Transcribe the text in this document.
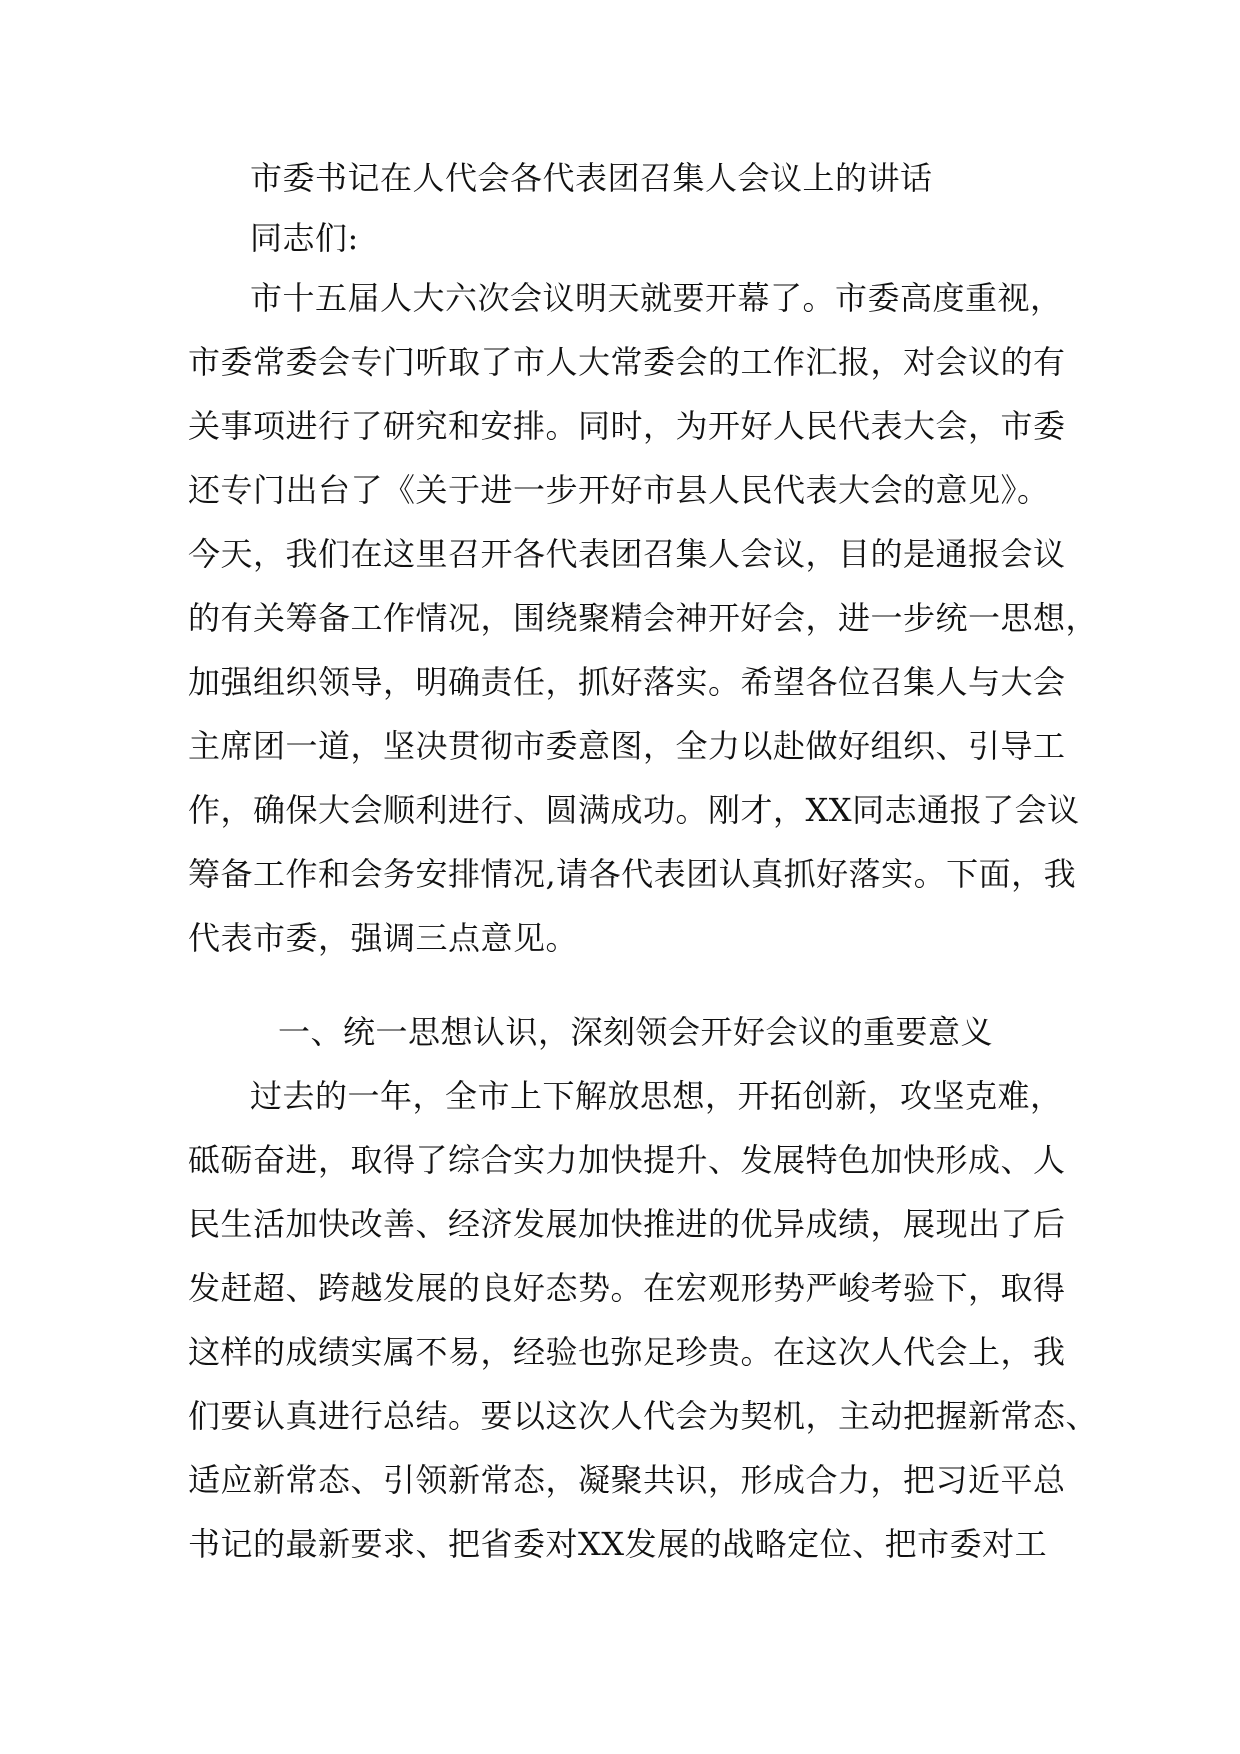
市委书记在人代会各代表团召集人会议上的讲话
同志们:
市十五届人大六次会议明天就要开幕了。市委高度重视，
市委常委会专门听取了市人大常委会的工作汇报，对会议的有
关事项进行了研究和安排。同时，为开好人民代表大会，市委
还专门出台了《关于进一步开好市县人民代表大会的意见》。
今天，我们在这里召开各代表团召集人会议，目的是通报会议
的有关筹备工作情况，围绕聚精会神开好会，进一步统一思想，
加强组织领导，明确责任，抓好落实。希望各位召集人与大会
主席团一道，坚决贯彻市委意图，全力以赴做好组织、引导工
作，确保大会顺利进行、圆满成功。刚才，XX同志通报了会议
筹备工作和会务安排情况,请各代表团认真抓好落实。下面，我
代表市委，强调三点意见。
一、统一思想认识，深刻领会开好会议的重要意义
过去的一年，全市上下解放思想，开拓创新，攻坚克难，
砥砺奋进，取得了综合实力加快提升、发展特色加快形成、人
民生活加快改善、经济发展加快推进的优异成绩，展现出了后
发赶超、跨越发展的良好态势。在宏观形势严峻考验下，取得
这样的成绩实属不易，经验也弥足珍贵。在这次人代会上，我
们要认真进行总结。要以这次人代会为契机，主动把握新常态、
适应新常态、引领新常态，凝聚共识，形成合力，把习近平总
书记的最新要求、把省委对XX发展的战略定位、把市委对工
